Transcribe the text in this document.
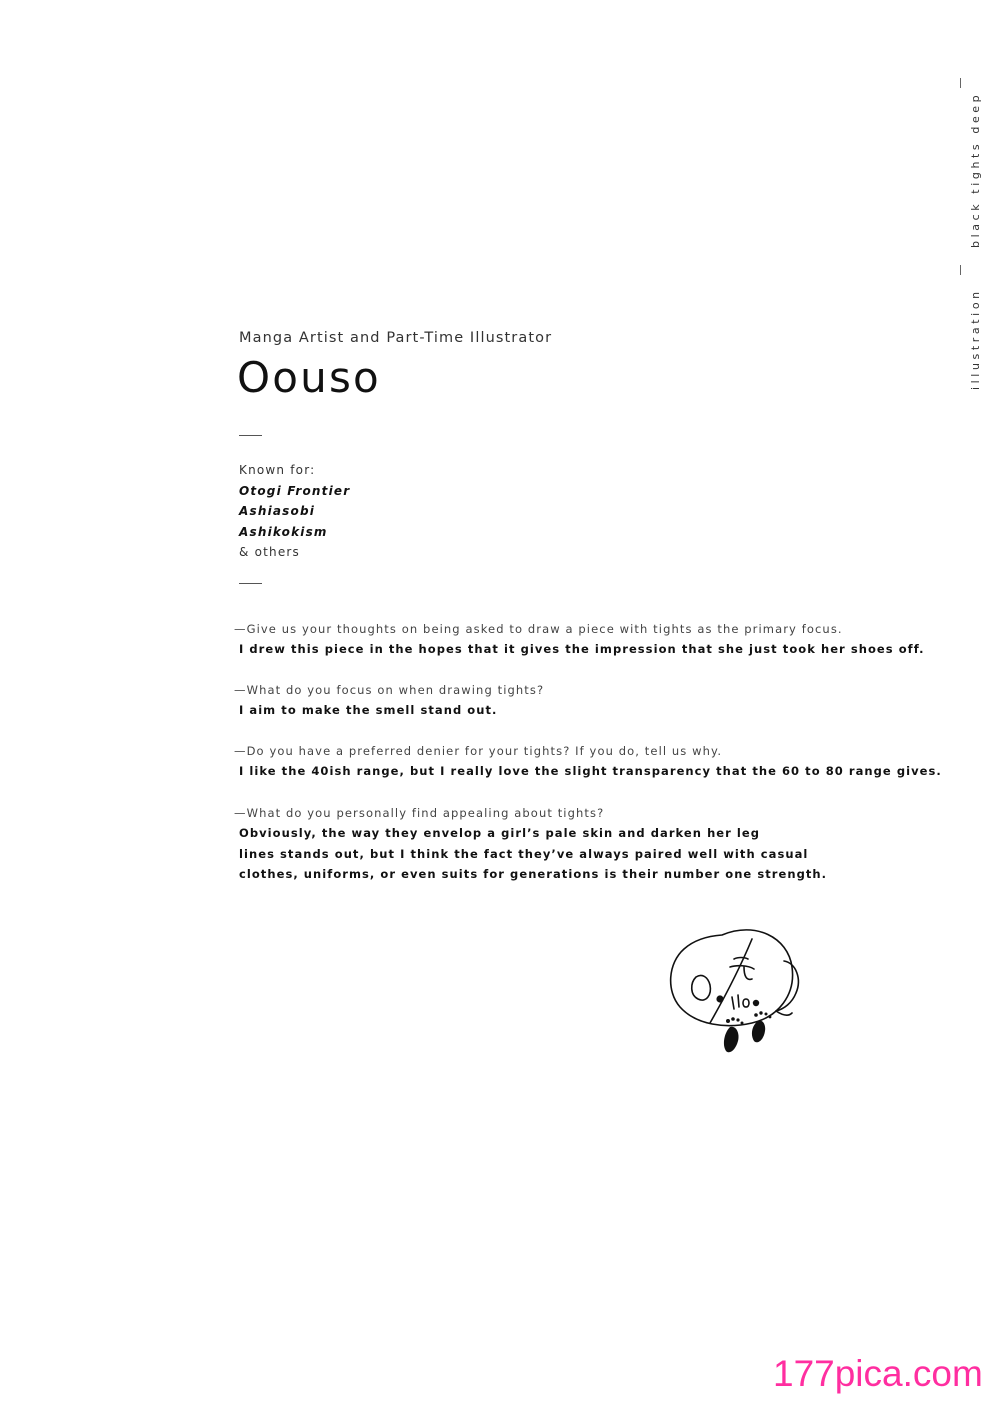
black tights deep
illustration
Manga Artist and Part-Time Illustrator
Oouso
Known for:
Otogi Frontier
Ashiasobi
Ashikokism
& others
—Give us your thoughts on being asked to draw a piece with tights as the primary focus.
I drew this piece in the hopes that it gives the impression that she just took her shoes off.
—What do you focus on when drawing tights?
I aim to make the smell stand out.
—Do you have a preferred denier for your tights? If you do, tell us why.
I like the 40ish range, but I really love the slight transparency that the 60 to 80 range gives.
—What do you personally find appealing about tights?
Obviously, the way they envelop a girl’s pale skin and darken her leg
lines stands out, but I think the fact they’ve always paired well with casual
clothes, uniforms, or even suits for generations is their number one strength.
177pica.com
